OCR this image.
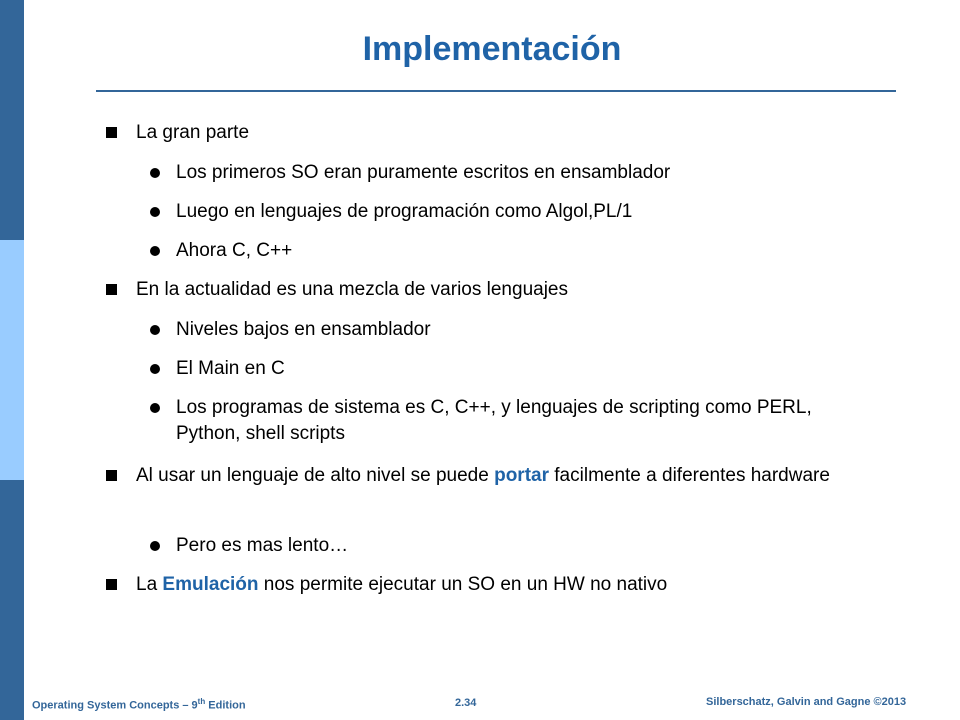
Implementación
La gran parte
Los primeros SO eran puramente escritos en ensamblador
Luego en lenguajes de programación como Algol,PL/1
Ahora C, C++
En la actualidad es una mezcla de varios lenguajes
Niveles bajos en ensamblador
El Main en C
Los programas de sistema es C, C++, y lenguajes de scripting como PERL, Python, shell scripts
Al usar un lenguaje de alto nivel se puede portar facilmente a diferentes hardware
Pero es mas lento…
La Emulación nos permite ejecutar un SO en un HW no nativo
Operating System Concepts – 9th Edition	2.34	Silberschatz, Galvin and Gagne ©2013
